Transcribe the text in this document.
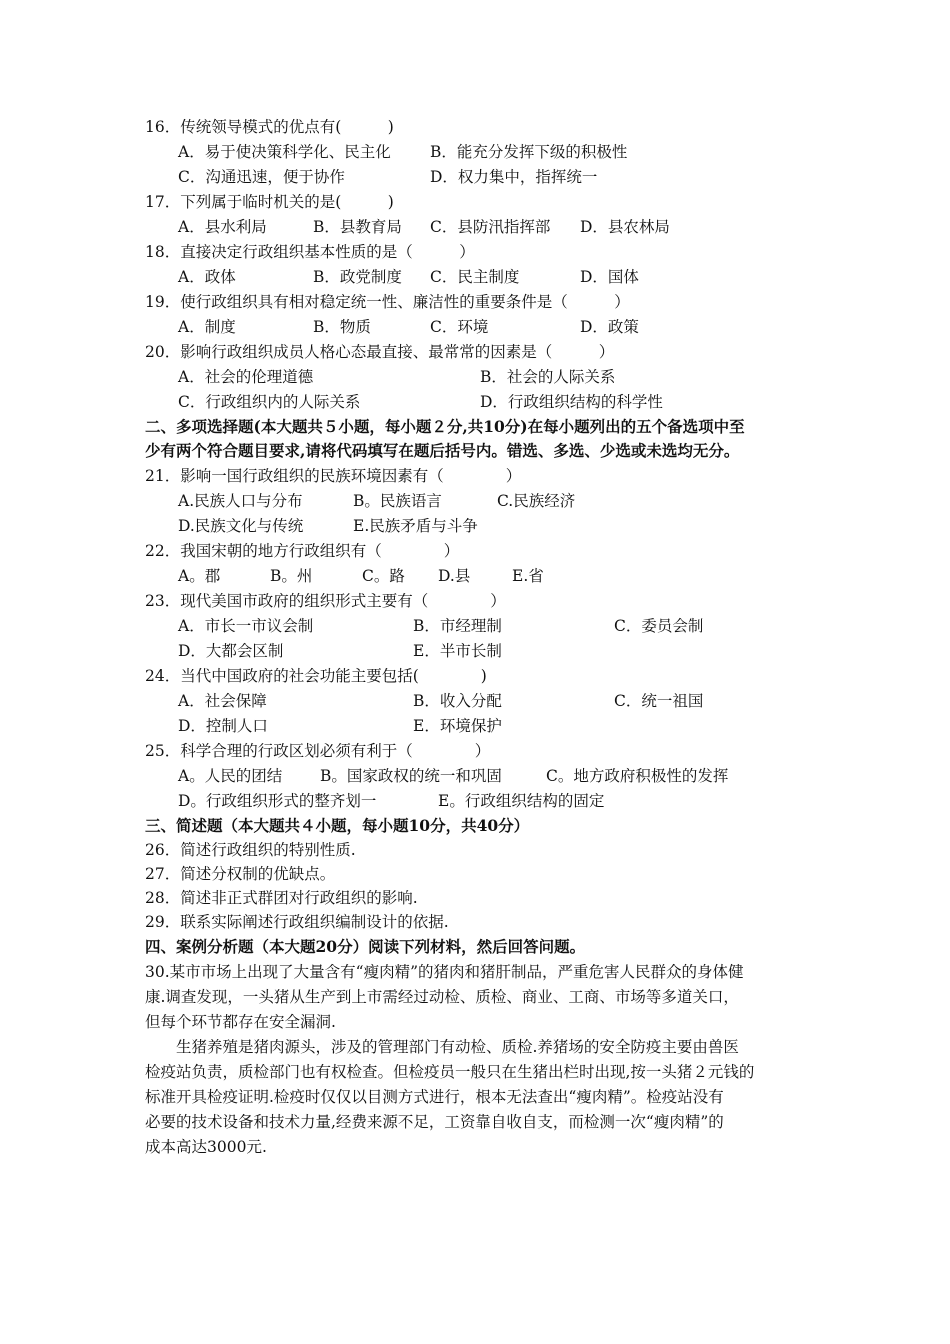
16．传统领导模式的优点有(　　　)
A．易于使决策科学化、民主化	B．能充分发挥下级的积极性
C．沟通迅速，便于协作	D．权力集中，指挥统一
17．下列属于临时机关的是(　　　)
A．县水利局	B．县教育局 C．县防汛指挥部 D．县农林局
18．直接决定行政组织基本性质的是（　　　）
A．政体	B．政党制度 C．民主制度	D．国体
19．使行政组织具有相对稳定统一性、廉洁性的重要条件是（　　　）
A．制度	B．物质	C．环境	D．政策
20．影响行政组织成员人格心态最直接、最常常的因素是（　　　）
A．社会的伦理道德	B．社会的人际关系
C．行政组织内的人际关系	D．行政组织结构的科学性
二、多项选择题(本大题共５小题，每小题２分,共10分)在每小题列出的五个备选项中至
少有两个符合题目要求,请将代码填写在题后括号内。错选、多选、少选或未选均无分。
21．影响一国行政组织的民族环境因素有（　　　　）
A.民族人口与分布	B。民族语言	C.民族经济
D.民族文化与传统	E.民族矛盾与斗争
22．我国宋朝的地方行政组织有（　　　　）
A。郡	B。州	C。路 D.县	E.省
23．现代美国市政府的组织形式主要有（　　　　）
A．市长一市议会制	B．市经理制	C．委员会制
D．大都会区制	E．半市长制
24．当代中国政府的社会功能主要包括(　　　　)
A．社会保障	B．收入分配	C．统一祖国
D．控制人口	E．环境保护
25．科学合理的行政区划必须有利于（　　　　）
A。人民的团结 B。国家政权的统一和巩固	C。地方政府积极性的发挥
D。行政组织形式的整齐划一	E。行政组织结构的固定
三、简述题（本大题共４小题，每小题10分，共40分）
26．简述行政组织的特别性质.
27．简述分权制的优缺点。
28．简述非正式群团对行政组织的影响.
29．联系实际阐述行政组织编制设计的依据.
四、案例分析题（本大题20分）阅读下列材料，然后回答问题。
30.某市市场上出现了大量含有“瘦肉精”的猪肉和猪肝制品，严重危害人民群众的身体健
康.调查发现，一头猪从生产到上市需经过动检、质检、商业、工商、市场等多道关口，
但每个环节都存在安全漏洞.
　　生猪养殖是猪肉源头，涉及的管理部门有动检、质检.养猪场的安全防疫主要由兽医
检疫站负责，质检部门也有权检查。但检疫员一般只在生猪出栏时出现,按一头猪２元钱的
标准开具检疫证明.检疫时仅仅以目测方式进行，根本无法查出“瘦肉精”。检疫站没有
必要的技术设备和技术力量,经费来源不足，工资靠自收自支，而检测一次“瘦肉精”的
成本高达3000元.
